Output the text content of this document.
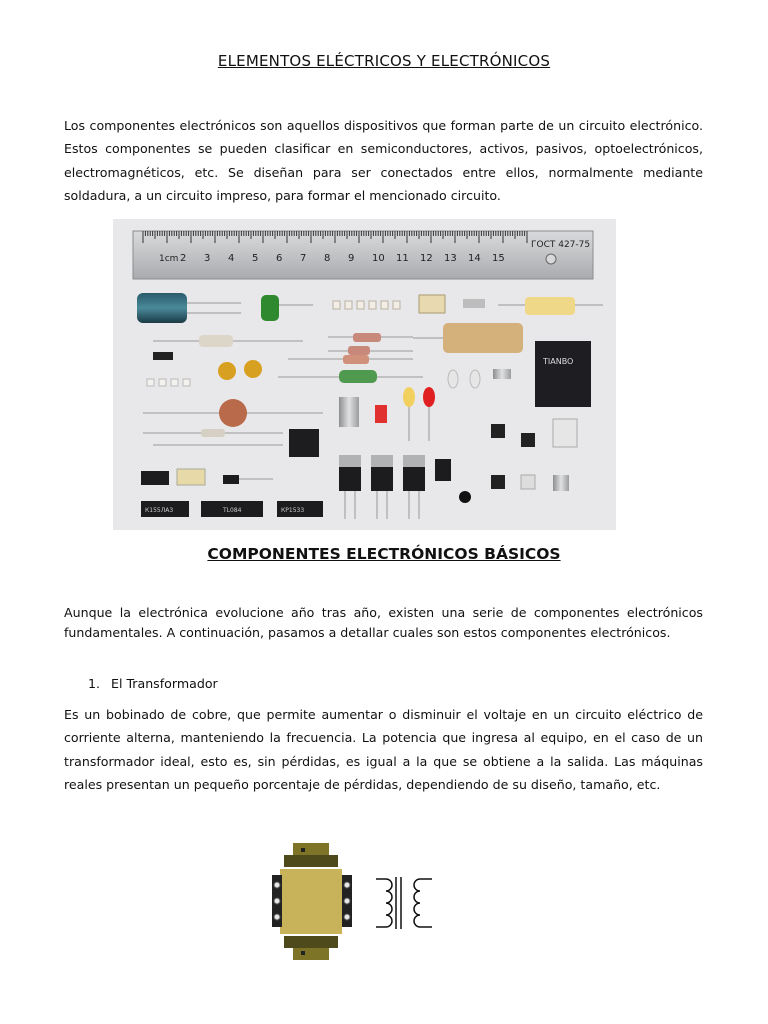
ELEMENTOS ELÉCTRICOS Y ELECTRÓNICOS

Los componentes electrónicos son aquellos dispositivos que forman parte de un circuito electrónico. Estos componentes se pueden clasificar en semiconductores, activos, pasivos, optoelectrónicos, electromagnéticos, etc. Se diseñan para ser conectados entre ellos, normalmente mediante soldadura, a un circuito impreso, para formar el mencionado circuito.

1cm
ГОСТ 427-75
2 3 4 5 6 7 8 9 10 11 12 13 14 15
TIANBO
К155ЛА3	ТL084	КР1533
COMPONENTES ELECTRÓNICOS BÁSICOS

Aunque la electrónica evolucione año tras año, existen una serie de componentes electrónicos fundamentales. A continuación, pasamos a detallar cuales son estos componentes electrónicos.

1. El Transformador

Es un bobinado de cobre, que permite aumentar o disminuir el voltaje en un circuito eléctrico de corriente alterna, manteniendo la frecuencia. La potencia que ingresa al equipo, en el caso de un transformador ideal, esto es, sin pérdidas, es igual a la que se obtiene a la salida. Las máquinas reales presentan un pequeño porcentaje de pérdidas, dependiendo de su diseño, tamaño, etc.
